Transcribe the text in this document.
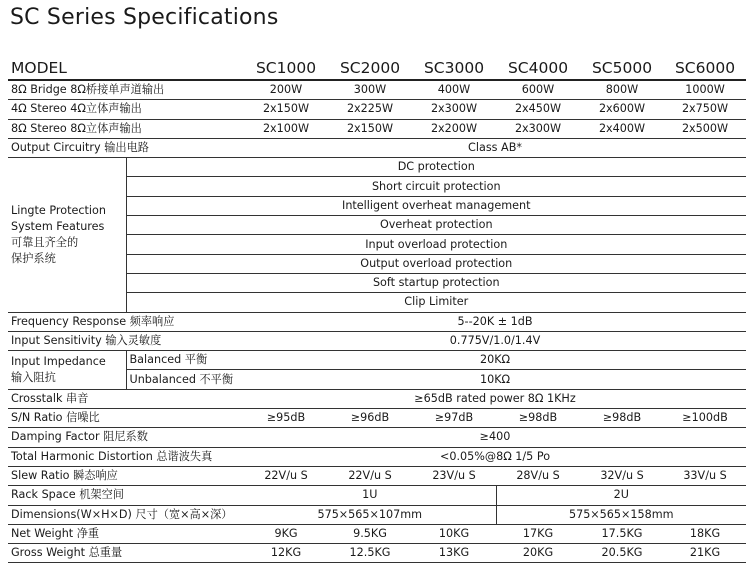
SC Series Specifications
MODEL		SC1000	SC2000	SC3000	SC4000	SC5000	SC6000
8Ω Bridge 8Ω桥接单声道输出		200W	300W	400W	600W	800W	1000W
4Ω Stereo 4Ω立体声输出		2x150W	2x225W	2x300W	2x450W	2x600W	2x750W
8Ω Stereo 8Ω立体声输出		2x100W	2x150W	2x200W	2x300W	2x400W	2x500W
Output Circuitry 输出电路		Class AB*					

Lingte Protection
System Features
可靠且齐全的
保护系统	DC protection						
	Short circuit protection						
	Intelligent overheat management						
	Overheat protection						
	Input overload protection						
	Output overload protection						
	Soft startup protection						
	Clip Limiter						
Frequency Response 频率响应		5--20K ± 1dB					
Input Sensitivity 输入灵敏度		0.775V/1.0/1.4V					

Input Impedance
输入阻抗	Balanced 平衡	20KΩ					
	Unbalanced 不平衡	10KΩ					
Crosstalk 串音		≥65dB rated power 8Ω 1KHz					
S/N Ratio 信噪比		≥95dB	≥96dB	≥97dB	≥98dB	≥98dB	≥100dB
Damping Factor 阻尼系数		≥400					
Total Harmonic Distortion 总谐波失真		<0.05%@8Ω 1/5 Po					
Slew Ratio 瞬态响应		22V/u S	22V/u S	23V/u S	28V/u S	32V/u S	33V/u S
Rack Space 机架空间		1U			2U		
Dimensions(W×H×D) 尺寸（宽×高×深）		575×565×107mm			575×565×158mm		
Net Weight 净重		9KG	9.5KG	10KG	17KG	17.5KG	18KG
Gross Weight 总重量		12KG	12.5KG	13KG	20KG	20.5KG	21KG
